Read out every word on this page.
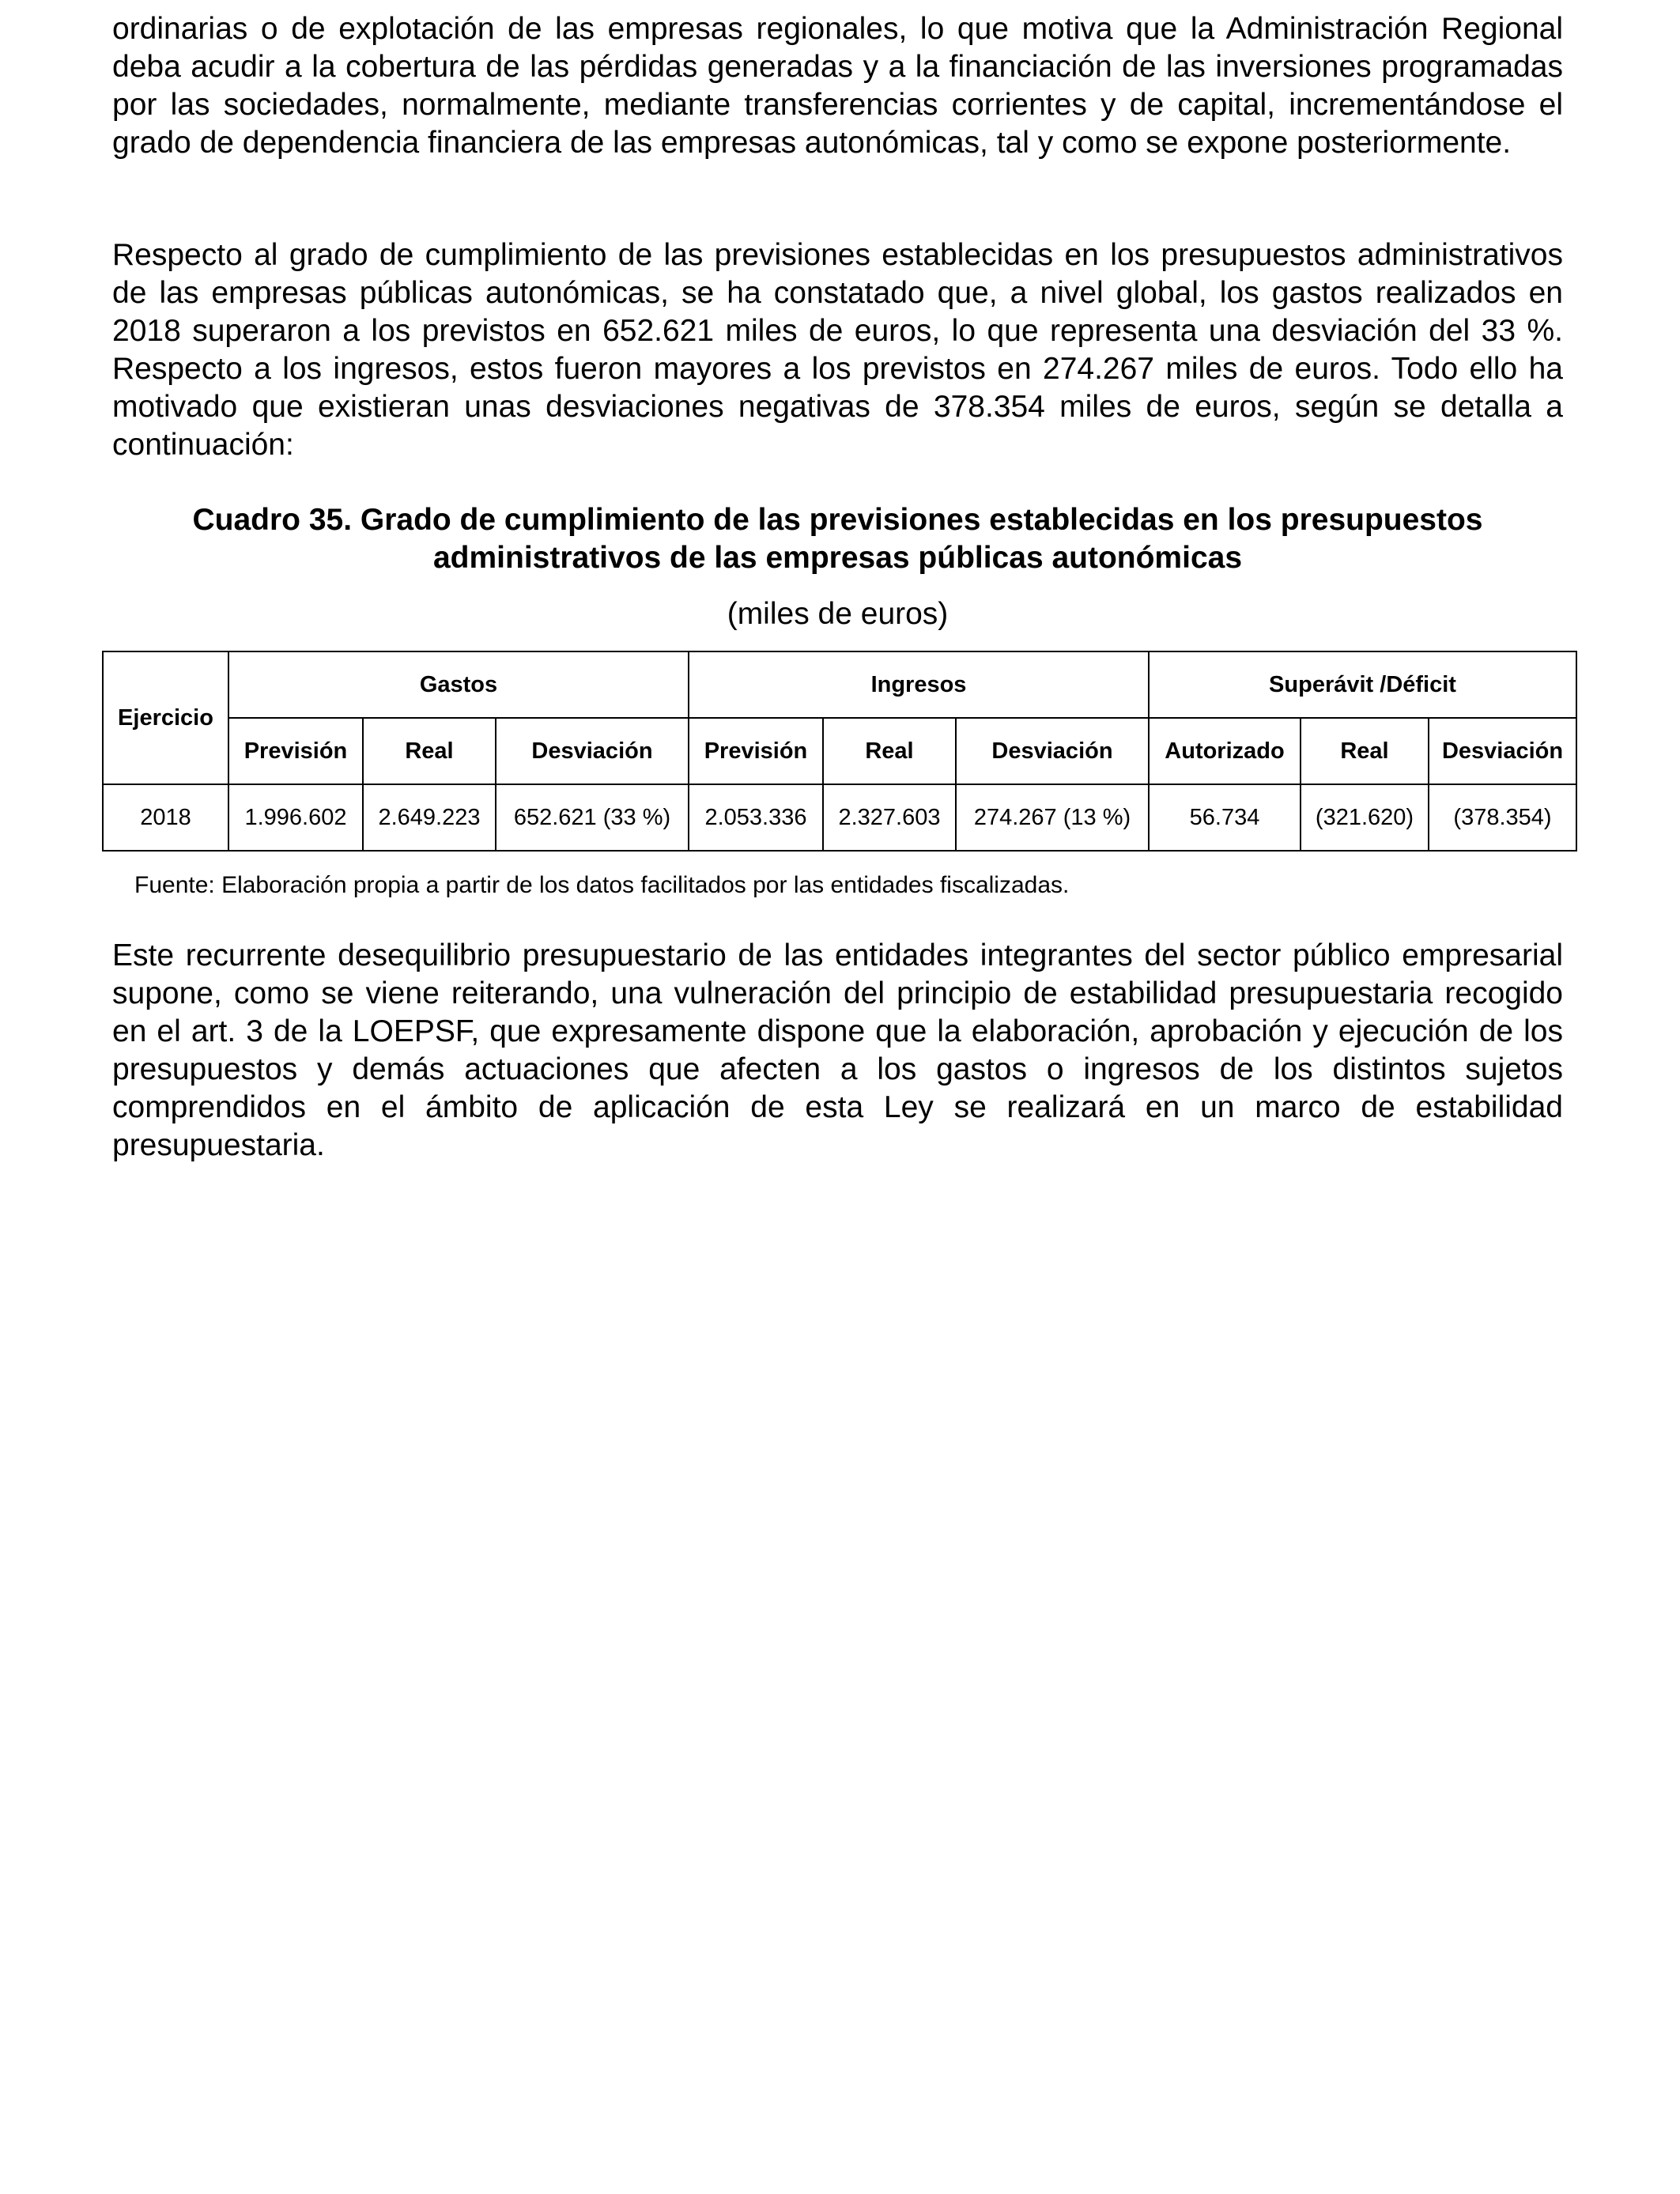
ordinarias o de explotación de las empresas regionales, lo que motiva que la Administración Regional deba acudir a la cobertura de las pérdidas generadas y a la financiación de las inversiones programadas por las sociedades, normalmente, mediante transferencias corrientes y de capital, incrementándose el grado de dependencia financiera de las empresas autonómicas, tal y como se expone posteriormente.

Respecto al grado de cumplimiento de las previsiones establecidas en los presupuestos administrativos de las empresas públicas autonómicas, se ha constatado que, a nivel global, los gastos realizados en 2018 superaron a los previstos en 652.621 miles de euros, lo que representa una desviación del 33 %. Respecto a los ingresos, estos fueron mayores a los previstos en 274.267 miles de euros. Todo ello ha motivado que existieran unas desviaciones negativas de 378.354 miles de euros, según se detalla a continuación:

Cuadro 35. Grado de cumplimiento de las previsiones establecidas en los presupuestos
administrativos de las empresas públicas autonómicas
(miles de euros)
Ejercicio	Gastos			Ingresos			Superávit /Déficit		
	Previsión	Real	Desviación	Previsión	Real	Desviación	Autorizado	Real	Desviación
2018	1.996.602	2.649.223	652.621 (33 %)	2.053.336	2.327.603	274.267 (13 %)	56.734	(321.620)	(378.354)

Fuente: Elaboración propia a partir de los datos facilitados por las entidades fiscalizadas.

Este recurrente desequilibrio presupuestario de las entidades integrantes del sector público empresarial supone, como se viene reiterando, una vulneración del principio de estabilidad presupuestaria recogido en el art. 3 de la LOEPSF, que expresamente dispone que la elaboración, aprobación y ejecución de los presupuestos y demás actuaciones que afecten a los gastos o ingresos de los distintos sujetos comprendidos en el ámbito de aplicación de esta Ley se realizará en un marco de estabilidad presupuestaria.
